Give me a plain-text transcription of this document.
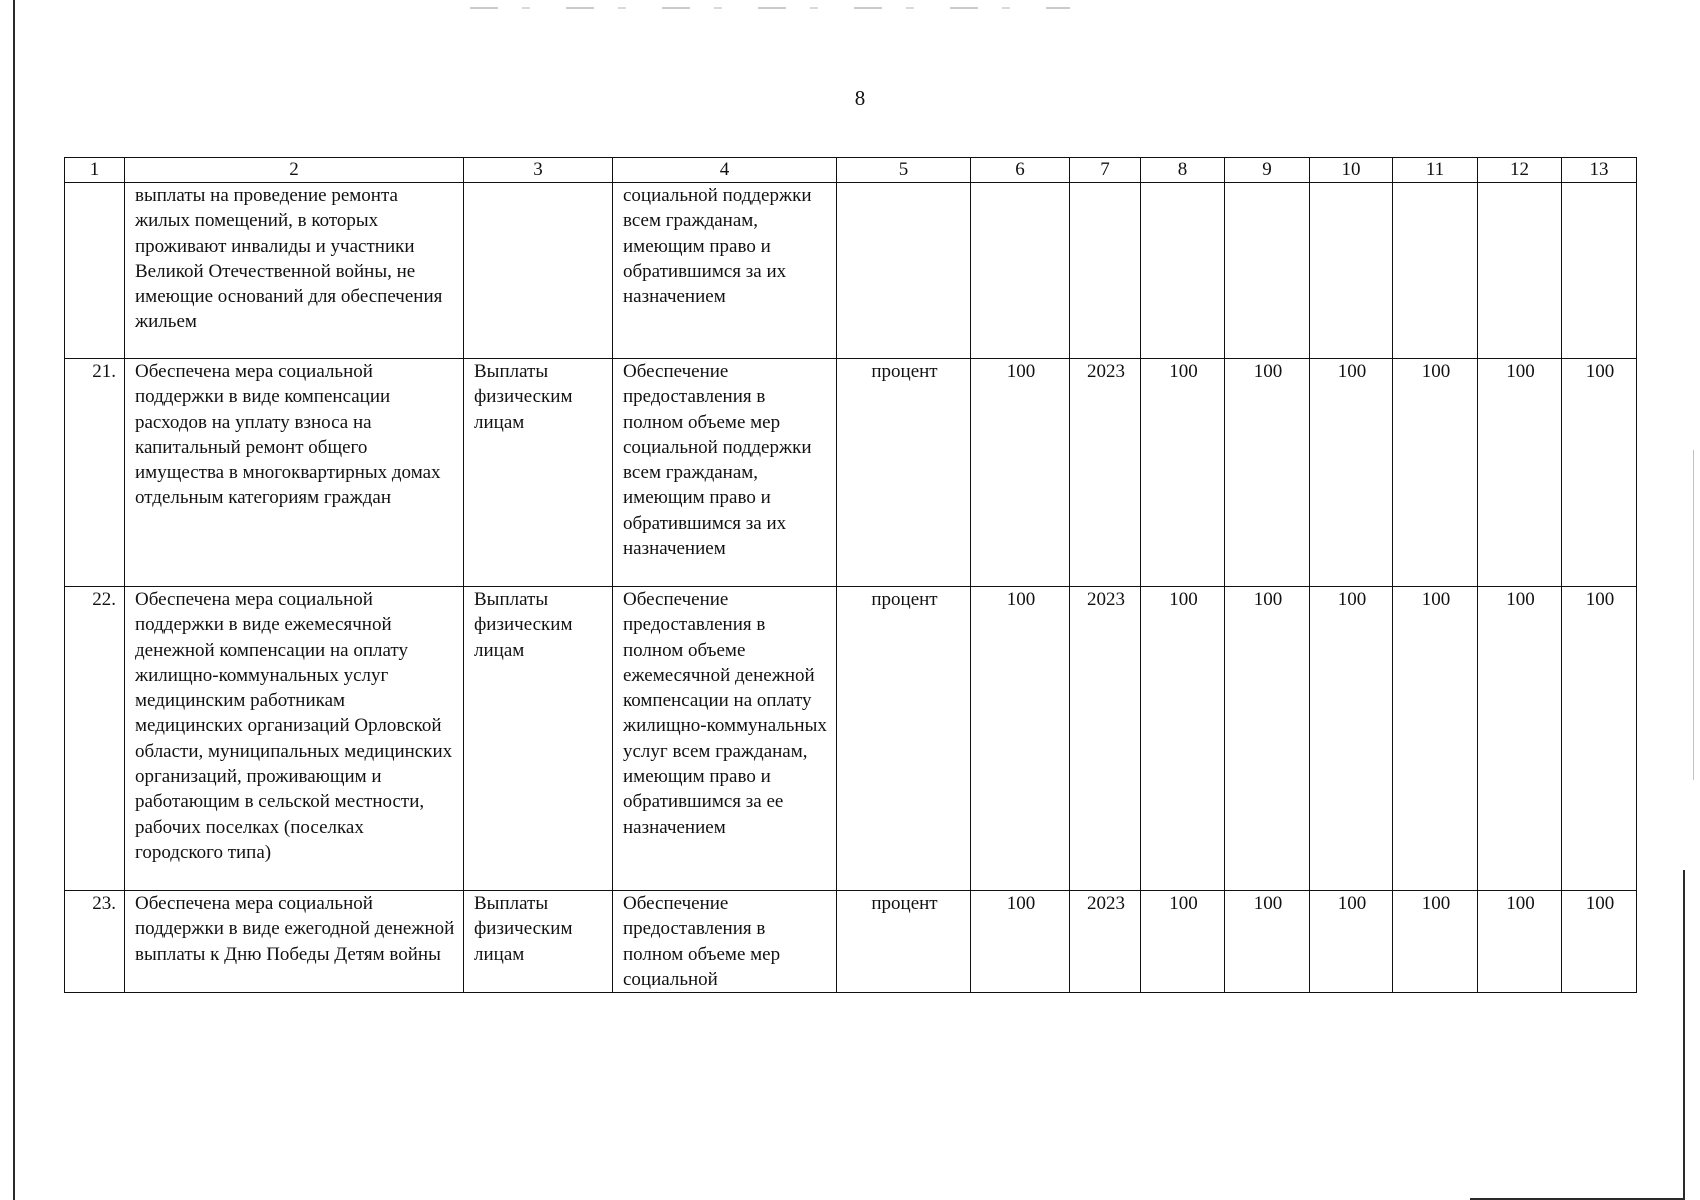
8
1	2	3	4	5	6	7	8	9	10	11	12	13
	выплаты на проведение ремонта жилых помещений, в которых проживают инвалиды и участники Великой Отечественной войны, не имеющие оснований для обеспечения жильем		социальной поддержки всем гражданам, имеющим право и обратившимся за их назначением									
21.	Обеспечена мера социальной поддержки в виде компенсации расходов на уплату взноса на капитальный ремонт общего имущества в многоквартирных домах отдельным категориям граждан	Выплаты физическим лицам	Обеспечение предоставления в полном объеме мер социальной поддержки всем гражданам, имеющим право и обратившимся за их назначением	процент	100	2023	100	100	100	100	100	100
22.	Обеспечена мера социальной поддержки в виде ежемесячной денежной компенсации на оплату жилищно-коммунальных услуг медицинским работникам медицинских организаций Орловской области, муниципальных медицинских организаций, проживающим и работающим в сельской местности, рабочих поселках (поселках городского типа)	Выплаты физическим лицам	Обеспечение предоставления в полном объеме ежемесячной денежной компенсации на оплату жилищно-коммунальных услуг всем гражданам, имеющим право и обратившимся за ее назначением	процент	100	2023	100	100	100	100	100	100
23.	Обеспечена мера социальной поддержки в виде ежегодной денежной выплаты к Дню Победы Детям войны	Выплаты физическим лицам	Обеспечение предоставления в полном объеме мер социальной	процент	100	2023	100	100	100	100	100	100
